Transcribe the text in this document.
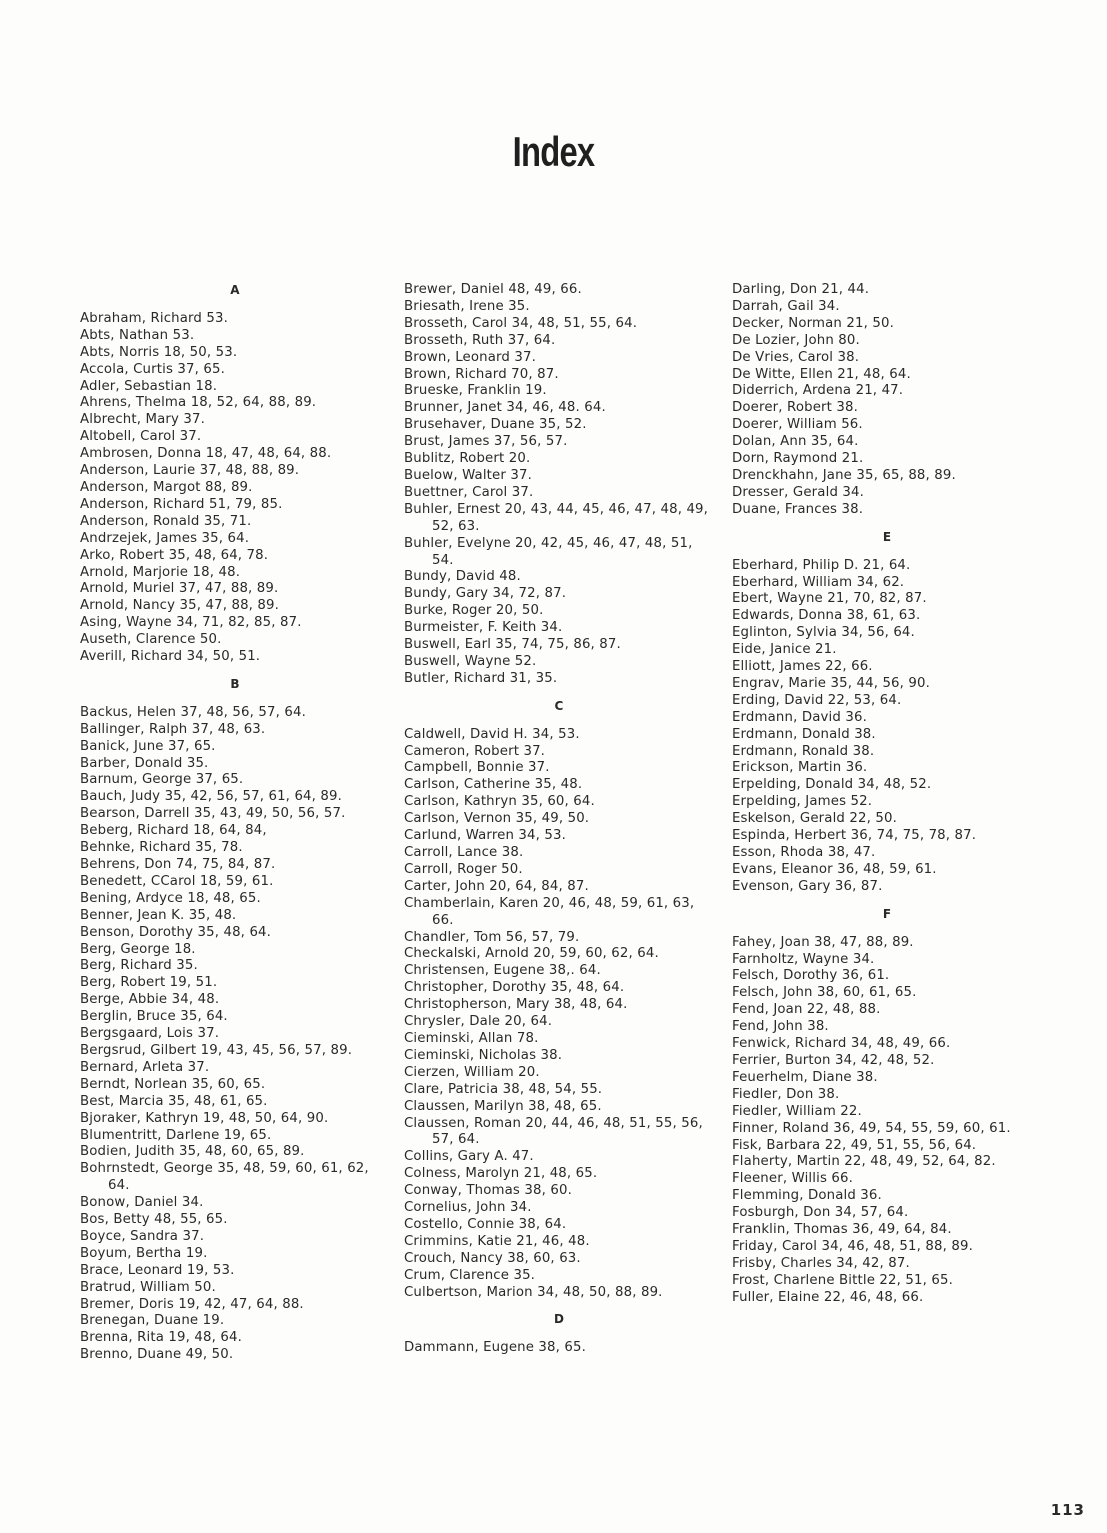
Index
A
Abraham, Richard 53.
Abts, Nathan 53.
Abts, Norris 18, 50, 53.
Accola, Curtis 37, 65.
Adler, Sebastian 18.
Ahrens, Thelma 18, 52, 64, 88, 89.
Albrecht, Mary 37.
Altobell, Carol 37.
Ambrosen, Donna 18, 47, 48, 64, 88.
Anderson, Laurie 37, 48, 88, 89.
Anderson, Margot 88, 89.
Anderson, Richard 51, 79, 85.
Anderson, Ronald 35, 71.
Andrzejek, James 35, 64.
Arko, Robert 35, 48, 64, 78.
Arnold, Marjorie 18, 48.
Arnold, Muriel 37, 47, 88, 89.
Arnold, Nancy 35, 47, 88, 89.
Asing, Wayne 34, 71, 82, 85, 87.
Auseth, Clarence 50.
Averill, Richard 34, 50, 51.
B
Backus, Helen 37, 48, 56, 57, 64.
Ballinger, Ralph 37, 48, 63.
Banick, June 37, 65.
Barber, Donald 35.
Barnum, George 37, 65.
Bauch, Judy 35, 42, 56, 57, 61, 64, 89.
Bearson, Darrell 35, 43, 49, 50, 56, 57.
Beberg, Richard 18, 64, 84,
Behnke, Richard 35, 78.
Behrens, Don 74, 75, 84, 87.
Benedett, CCarol 18, 59, 61.
Bening, Ardyce 18, 48, 65.
Benner, Jean K. 35, 48.
Benson, Dorothy 35, 48, 64.
Berg, George 18.
Berg, Richard 35.
Berg, Robert 19, 51.
Berge, Abbie 34, 48.
Berglin, Bruce 35, 64.
Bergsgaard, Lois 37.
Bergsrud, Gilbert 19, 43, 45, 56, 57, 89.
Bernard, Arleta 37.
Berndt, Norlean 35, 60, 65.
Best, Marcia 35, 48, 61, 65.
Bjoraker, Kathryn 19, 48, 50, 64, 90.
Blumentritt, Darlene 19, 65.
Bodien, Judith 35, 48, 60, 65, 89.
Bohrnstedt, George 35, 48, 59, 60, 61, 62, 64.
Bonow, Daniel 34.
Bos, Betty 48, 55, 65.
Boyce, Sandra 37.
Boyum, Bertha 19.
Brace, Leonard 19, 53.
Bratrud, William 50.
Bremer, Doris 19, 42, 47, 64, 88.
Brenegan, Duane 19.
Brenna, Rita 19, 48, 64.
Brenno, Duane 49, 50.
Brewer, Daniel 48, 49, 66.
Briesath, Irene 35.
Brosseth, Carol 34, 48, 51, 55, 64.
Brosseth, Ruth 37, 64.
Brown, Leonard 37.
Brown, Richard 70, 87.
Brueske, Franklin 19.
Brunner, Janet 34, 46, 48. 64.
Brusehaver, Duane 35, 52.
Brust, James 37, 56, 57.
Bublitz, Robert 20.
Buelow, Walter 37.
Buettner, Carol 37.
Buhler, Ernest 20, 43, 44, 45, 46, 47, 48, 49, 52, 63.
Buhler, Evelyne 20, 42, 45, 46, 47, 48, 51, 54.
Bundy, David 48.
Bundy, Gary 34, 72, 87.
Burke, Roger 20, 50.
Burmeister, F. Keith 34.
Buswell, Earl 35, 74, 75, 86, 87.
Buswell, Wayne 52.
Butler, Richard 31, 35.
C
Caldwell, David H. 34, 53.
Cameron, Robert 37.
Campbell, Bonnie 37.
Carlson, Catherine 35, 48.
Carlson, Kathryn 35, 60, 64.
Carlson, Vernon 35, 49, 50.
Carlund, Warren 34, 53.
Carroll, Lance 38.
Carroll, Roger 50.
Carter, John 20, 64, 84, 87.
Chamberlain, Karen 20, 46, 48, 59, 61, 63, 66.
Chandler, Tom 56, 57, 79.
Checkalski, Arnold 20, 59, 60, 62, 64.
Christensen, Eugene 38,. 64.
Christopher, Dorothy 35, 48, 64.
Christopherson, Mary 38, 48, 64.
Chrysler, Dale 20, 64.
Cieminski, Allan 78.
Cieminski, Nicholas 38.
Cierzen, William 20.
Clare, Patricia 38, 48, 54, 55.
Claussen, Marilyn 38, 48, 65.
Claussen, Roman 20, 44, 46, 48, 51, 55, 56, 57, 64.
Collins, Gary A. 47.
Colness, Marolyn 21, 48, 65.
Conway, Thomas 38, 60.
Cornelius, John 34.
Costello, Connie 38, 64.
Crimmins, Katie 21, 46, 48.
Crouch, Nancy 38, 60, 63.
Crum, Clarence 35.
Culbertson, Marion 34, 48, 50, 88, 89.
D
Dammann, Eugene 38, 65.
Darling, Don 21, 44.
Darrah, Gail 34.
Decker, Norman 21, 50.
De Lozier, John 80.
De Vries, Carol 38.
De Witte, Ellen 21, 48, 64.
Diderrich, Ardena 21, 47.
Doerer, Robert 38.
Doerer, William 56.
Dolan, Ann 35, 64.
Dorn, Raymond 21.
Drenckhahn, Jane 35, 65, 88, 89.
Dresser, Gerald 34.
Duane, Frances 38.
E
Eberhard, Philip D. 21, 64.
Eberhard, William 34, 62.
Ebert, Wayne 21, 70, 82, 87.
Edwards, Donna 38, 61, 63.
Eglinton, Sylvia 34, 56, 64.
Eide, Janice 21.
Elliott, James 22, 66.
Engrav, Marie 35, 44, 56, 90.
Erding, David 22, 53, 64.
Erdmann, David 36.
Erdmann, Donald 38.
Erdmann, Ronald 38.
Erickson, Martin 36.
Erpelding, Donald 34, 48, 52.
Erpelding, James 52.
Eskelson, Gerald 22, 50.
Espinda, Herbert 36, 74, 75, 78, 87.
Esson, Rhoda 38, 47.
Evans, Eleanor 36, 48, 59, 61.
Evenson, Gary 36, 87.
F
Fahey, Joan 38, 47, 88, 89.
Farnholtz, Wayne 34.
Felsch, Dorothy 36, 61.
Felsch, John 38, 60, 61, 65.
Fend, Joan 22, 48, 88.
Fend, John 38.
Fenwick, Richard 34, 48, 49, 66.
Ferrier, Burton 34, 42, 48, 52.
Feuerhelm, Diane 38.
Fiedler, Don 38.
Fiedler, William 22.
Finner, Roland 36, 49, 54, 55, 59, 60, 61.
Fisk, Barbara 22, 49, 51, 55, 56, 64.
Flaherty, Martin 22, 48, 49, 52, 64, 82.
Fleener, Willis 66.
Flemming, Donald 36.
Fosburgh, Don 34, 57, 64.
Franklin, Thomas 36, 49, 64, 84.
Friday, Carol 34, 46, 48, 51, 88, 89.
Frisby, Charles 34, 42, 87.
Frost, Charlene Bittle 22, 51, 65.
Fuller, Elaine 22, 46, 48, 66.
113
